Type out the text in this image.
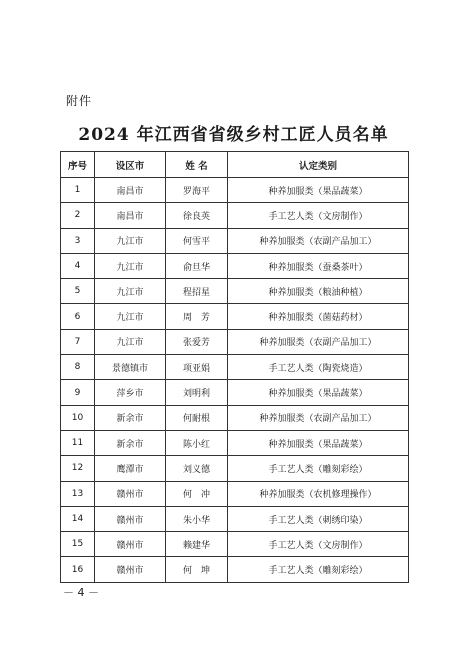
附件
2024 年江西省省级乡村工匠人员名单
序号	设区市	姓 名	认定类别
1	南昌市	罗海平	种养加服类（果品蔬菜）
2	南昌市	徐良英	手工艺人类（文房制作）
3	九江市	何雪平	种养加服类（农副产品加工）
4	九江市	俞旦华	种养加服类（蚕桑茶叶）
5	九江市	程招星	种养加服类（粮油种植）
6	九江市	周　芳	种养加服类（菌菇药材）
7	九江市	张爱芳	种养加服类（农副产品加工）
8	景德镇市	项亚娟	手工艺人类（陶瓷烧造）
9	萍乡市	刘明利	种养加服类（果品蔬菜）
10	新余市	何耐根	种养加服类（农副产品加工）
11	新余市	陈小红	种养加服类（果品蔬菜）
12	鹰潭市	刘义德	手工艺人类（雕刻彩绘）
13	赣州市	何　冲	种养加服类（农机修理操作）
14	赣州市	朱小华	手工艺人类（刺绣印染）
15	赣州市	赖建华	手工艺人类（文房制作）
16	赣州市	何　坤	手工艺人类（雕刻彩绘）
－ 4 －
